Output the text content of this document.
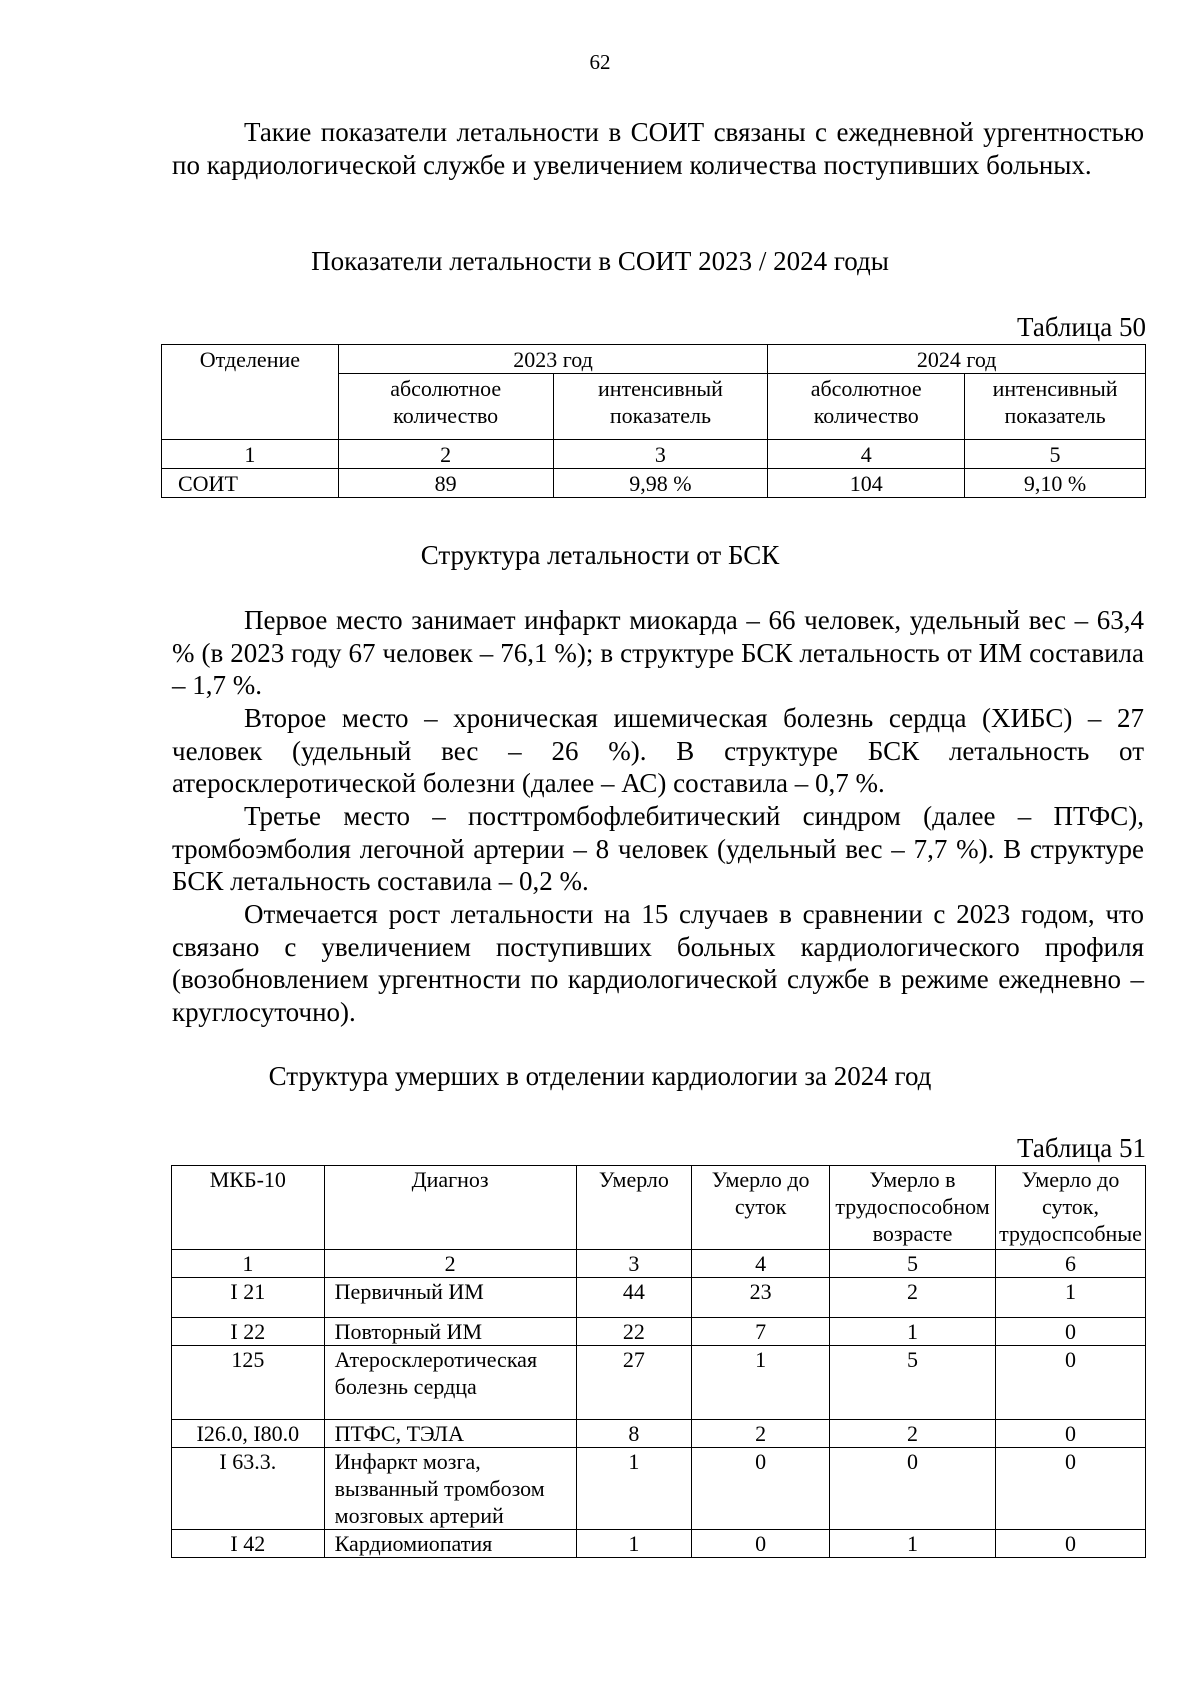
62

Такие показатели летальности в СОИТ связаны с ежедневной ургентностью по кардиологической службе и увеличением количества поступивших больных.

Показатели летальности в СОИТ 2023 / 2024 годы
Таблица 50
Отделение	2023 год		2024 год	
	абсолютное количество	интенсивный показатель	абсолютное количество	интенсивный показатель
1	2	3	4	5
СОИТ	89	9,98 %	104	9,10 %
Структура летальности от БСК

Первое место занимает инфаркт миокарда – 66 человек, удельный вес – 63,4 % (в 2023 году 67 человек – 76,1 %); в структуре БСК летальность от ИМ составила – 1,7 %.

Второе место – хроническая ишемическая болезнь сердца (ХИБС) – 27 человек (удельный вес – 26 %). В структуре БСК летальность от атеросклеротической болезни (далее – АС) составила – 0,7 %.

Третье место – посттромбофлебитический синдром (далее – ПТФС), тромбоэмболия легочной артерии – 8 человек (удельный вес – 7,7 %). В структуре БСК летальность составила – 0,2 %.

Отмечается рост летальности на 15 случаев в сравнении с 2023 годом, что связано с увеличением поступивших больных кардиологического профиля (возобновлением ургентности по кардиологической службе в режиме ежедневно – круглосуточно).

Структура умерших в отделении кардиологии за 2024 год
Таблица 51
МКБ-10	Диагноз	Умерло	Умерло до суток	Умерло в трудоспособном возрасте	Умерло до суток, трудоспсобные
1	2	3	4	5	6
I 21	Первичный ИМ	44	23	2	1
I 22	Повторный ИМ	22	7	1	0
125	Атеросклеротическая болезнь сердца	27	1	5	0
I26.0, I80.0	ПТФС, ТЭЛА	8	2	2	0
I 63.3.	Инфаркт мозга, вызванный тромбозом мозговых артерий	1	0	0	0
I 42	Кардиомиопатия	1	0	1	0
